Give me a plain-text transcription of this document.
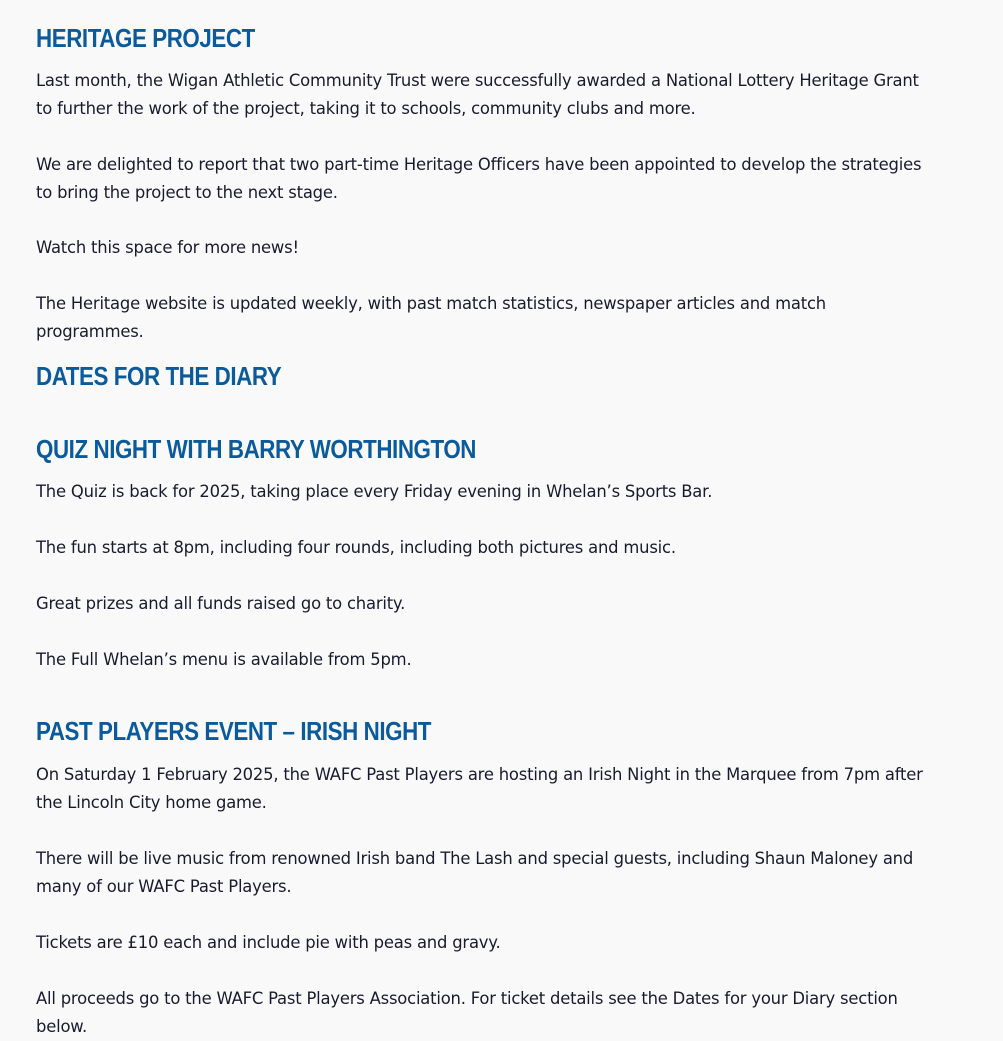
HERITAGE PROJECT

Last month, the Wigan Athletic Community Trust were successfully awarded a National Lottery Heritage Grant to further the work of the project, taking it to schools, community clubs and more.

We are delighted to report that two part-time Heritage Officers have been appointed to develop the strategies to bring the project to the next stage.

Watch this space for more news!

The Heritage website is updated weekly, with past match statistics, newspaper articles and match programmes.

DATES FOR THE DIARY
QUIZ NIGHT WITH BARRY WORTHINGTON

The Quiz is back for 2025, taking place every Friday evening in Whelan’s Sports Bar.

The fun starts at 8pm, including four rounds, including both pictures and music.

Great prizes and all funds raised go to charity.

The Full Whelan’s menu is available from 5pm.

PAST PLAYERS EVENT – IRISH NIGHT

On Saturday 1 February 2025, the WAFC Past Players are hosting an Irish Night in the Marquee from 7pm after the Lincoln City home game.

There will be live music from renowned Irish band The Lash and special guests, including Shaun Maloney and many of our WAFC Past Players.

Tickets are £10 each and include pie with peas and gravy.

All proceeds go to the WAFC Past Players Association. For ticket details see the Dates for your Diary section below.
